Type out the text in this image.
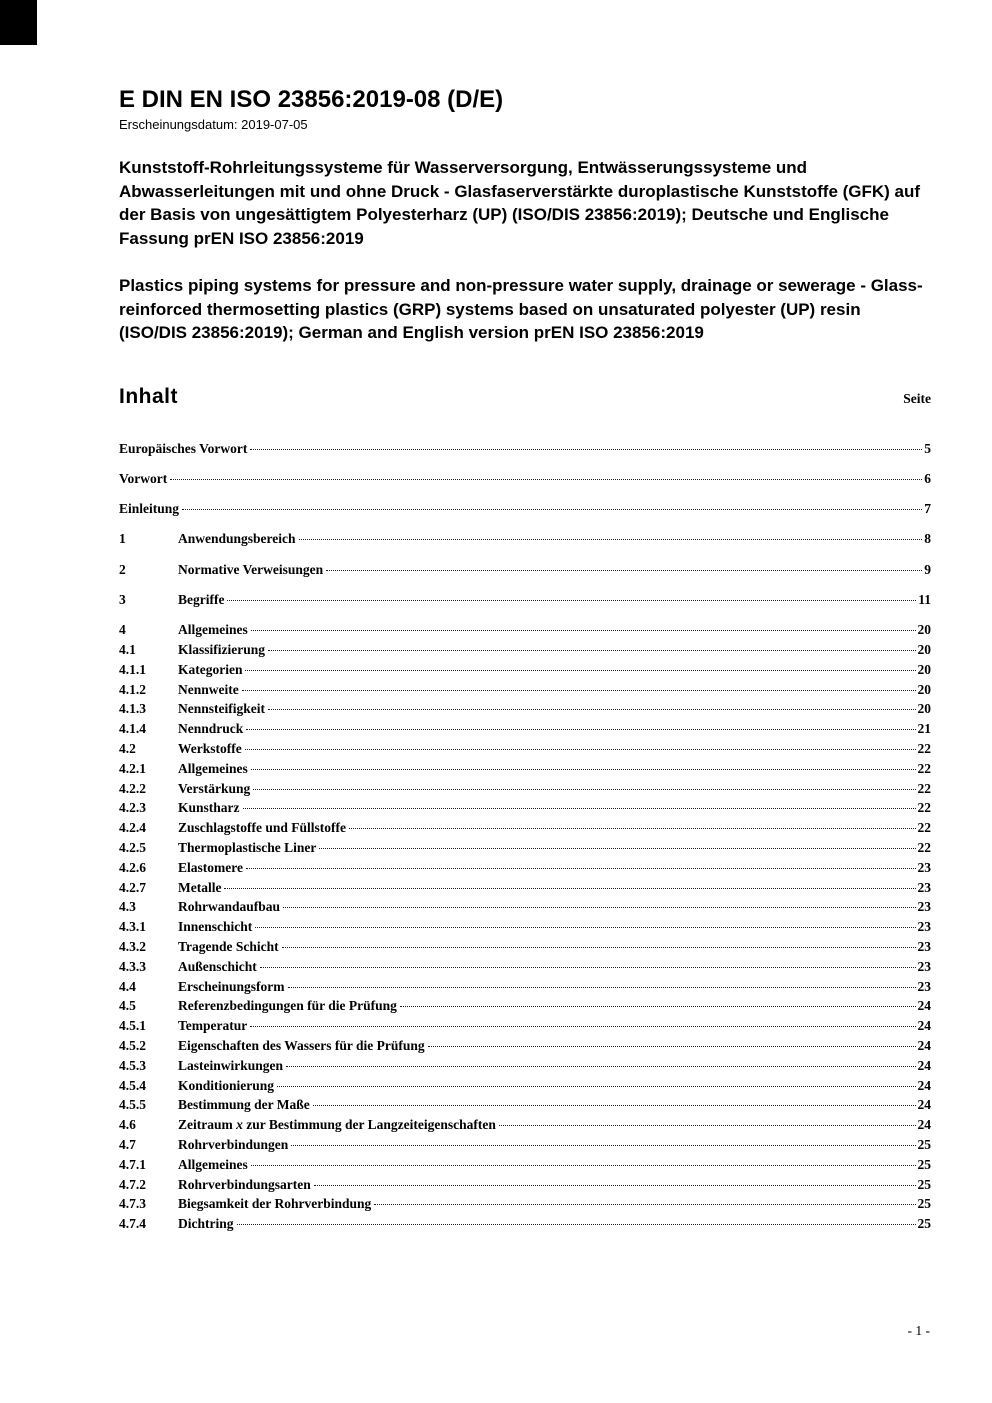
E DIN EN ISO 23856:2019-08 (D/E)
Erscheinungsdatum: 2019-07-05

Kunststoff-Rohrleitungssysteme für Wasserversorgung, Entwässerungssysteme und Abwasserleitungen mit und ohne Druck - Glasfaserverstärkte duroplastische Kunststoffe (GFK) auf der Basis von ungesättigtem Polyesterharz (UP) (ISO/DIS 23856:2019); Deutsche und Englische Fassung prEN ISO 23856:2019

Plastics piping systems for pressure and non-pressure water supply, drainage or sewerage - Glass-reinforced thermosetting plastics (GRP) systems based on unsaturated polyester (UP) resin (ISO/DIS 23856:2019); German and English version prEN ISO 23856:2019

Inhalt	Seite
Europäisches Vorwort	5
Vorwort	6
Einleitung	7
1	Anwendungsbereich	8
2	Normative Verweisungen	9
3	Begriffe	11
4	Allgemeines	20
4.1	Klassifizierung	20
4.1.1	Kategorien	20
4.1.2	Nennweite	20
4.1.3	Nennsteifigkeit	20
4.1.4	Nenndruck	21
4.2	Werkstoffe	22
4.2.1	Allgemeines	22
4.2.2	Verstärkung	22
4.2.3	Kunstharz	22
4.2.4	Zuschlagstoffe und Füllstoffe	22
4.2.5	Thermoplastische Liner	22
4.2.6	Elastomere	23
4.2.7	Metalle	23
4.3	Rohrwandaufbau	23
4.3.1	Innenschicht	23
4.3.2	Tragende Schicht	23
4.3.3	Außenschicht	23
4.4	Erscheinungsform	23
4.5	Referenzbedingungen für die Prüfung	24
4.5.1	Temperatur	24
4.5.2	Eigenschaften des Wassers für die Prüfung	24
4.5.3	Lasteinwirkungen	24
4.5.4	Konditionierung	24
4.5.5	Bestimmung der Maße	24
4.6	Zeitraum x zur Bestimmung der Langzeiteigenschaften	24
4.7	Rohrverbindungen	25
4.7.1	Allgemeines	25
4.7.2	Rohrverbindungsarten	25
4.7.3	Biegsamkeit der Rohrverbindung	25
4.7.4	Dichtring	25
- 1 -
